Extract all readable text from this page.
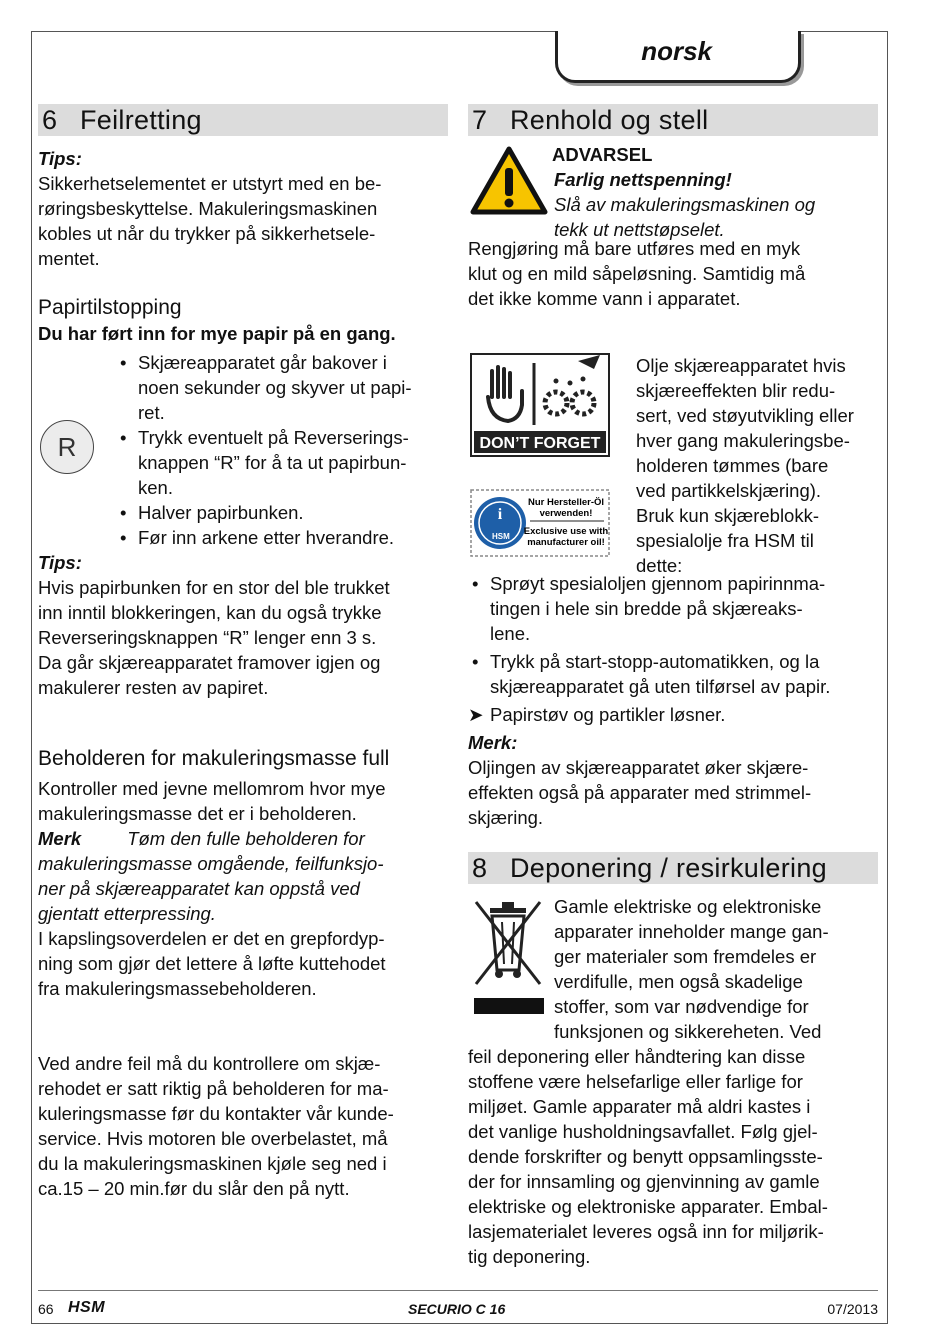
norsk
6 Feilretting
Tips:
Sikkerhetselementet er utstyrt med en be-
røringsbeskyttelse. Makuleringsmaskinen
kobles ut når du trykker på sikkerhetsele-
mentet.
Papirtilstopping
Du har ført inn for mye papir på en gang.
• Skjæreapparatet går bakover i
noen sekunder og skyver ut papi-
ret.
• Trykk eventuelt på Reverserings-
knappen “R” for å ta ut papirbun-
ken.
• Halver papirbunken.
• Før inn arkene etter hverandre.
Tips:
Hvis papirbunken for en stor del ble trukket
inn inntil blokkeringen, kan du også trykke
Reverseringsknappen “R” lenger enn 3 s.
Da går skjæreapparatet framover igjen og
makulerer resten av papiret.
Beholderen for makuleringsmasse full
Kontroller med jevne mellomrom hvor mye
makuleringsmasse det er i beholderen.
Merk Tøm den fulle beholderen for
makuleringsmasse omgående, feilfunksjo-
ner på skjæreapparatet kan oppstå ved
gjentatt etterpressing.
I kapslingsoverdelen er det en grepfordyp-
ning som gjør det lettere å løfte kuttehodet
fra makuleringsmassebeholderen.
Ved andre feil må du kontrollere om skjæ-
rehodet er satt riktig på beholderen for ma-
kuleringsmasse før du kontakter vår kunde-
service. Hvis motoren ble overbelastet, må
du la makuleringsmaskinen kjøle seg ned i
ca.15 – 20 min.før du slår den på nytt.
R
7 Renhold og stell
ADVARSEL
Farlig nettspenning!
Slå av makuleringsmaskinen og
tekk ut nettstøpselet.
Rengjøring må bare utføres med en myk
klut og en mild såpeløsning. Samtidig må
det ikke komme vann i apparatet.
DON’T FORGET
i
HSM
Nur Hersteller-Öl
verwenden!
Exclusive use with
manufacturer oil!
Olje skjæreapparatet hvis
skjæreeffekten blir redu-
sert, ved støyutvikling eller
hver gang makuleringsbe-
holderen tømmes (bare
ved partikkelskjæring).
Bruk kun skjæreblokk-
spesialolje fra HSM til
dette:
• Sprøyt spesialoljen gjennom papirinnma-
tingen i hele sin bredde på skjæreaks-
lene.
• Trykk på start-stopp-automatikken, og la
skjæreapparatet gå uten tilførsel av papir.
➤ Papirstøv og partikler løsner.
Merk:
Oljingen av skjæreapparatet øker skjære-
effekten også på apparater med strimmel-
skjæring.
8 Deponering / resirkulering
Gamle elektriske og elektroniske
apparater inneholder mange gan-
ger materialer som fremdeles er
verdifulle, men også skadelige
stoffer, som var nødvendige for
funksjonen og sikkereheten. Ved
feil deponering eller håndtering kan disse
stoffene være helsefarlige eller farlige for
miljøet. Gamle apparater må aldri kastes i
det vanlige husholdningsavfallet. Følg gjel-
dende forskrifter og benytt oppsamlingsste-
der for innsamling og gjenvinning av gamle
elektriske og elektroniske apparater. Embal-
lasjematerialet leveres også inn for miljørik-
tig deponering.
66 HSM	SECURIO C 16	07/2013
